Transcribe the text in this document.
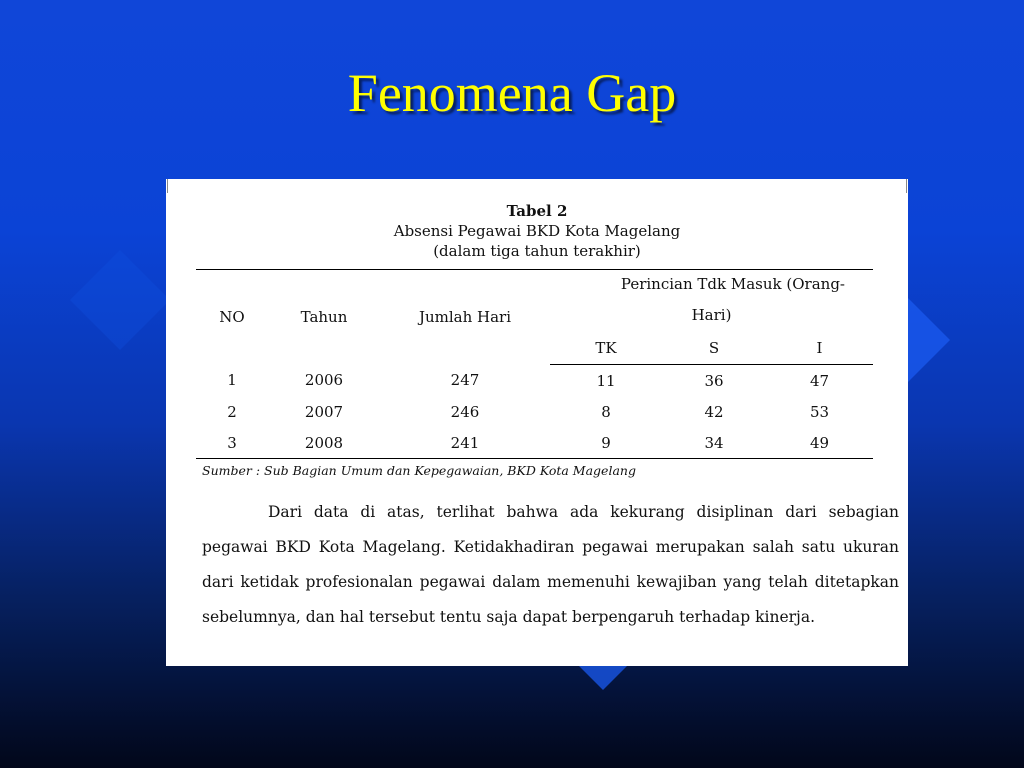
Fenomena Gap
Tabel 2
Absensi Pegawai BKD Kota Magelang
(dalam tiga tahun terakhir)
NO	Tahun	Jumlah Hari	Perincian Tdk Masuk (Orang-		
			Hari)		
			TK	S	I
1	2006	247	11	36	47
2	2007	246	8	42	53
3	2008	241	9	34	49
Sumber : Sub Bagian Umum dan Kepegawaian, BKD Kota Magelang

Dari data di atas, terlihat bahwa ada kekurang disiplinan dari sebagian pegawai BKD Kota Magelang. Ketidakhadiran pegawai merupakan salah satu ukuran dari ketidak profesionalan pegawai dalam memenuhi kewajiban yang telah ditetapkan sebelumnya, dan hal tersebut tentu saja dapat berpengaruh terhadap kinerja.
